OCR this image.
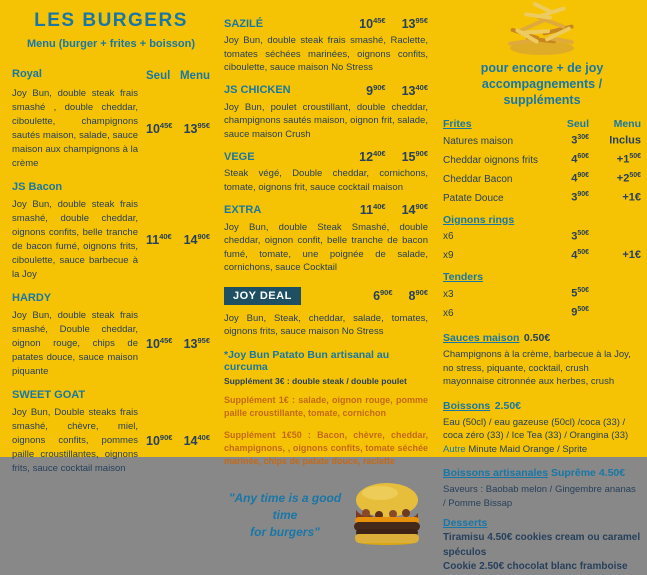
LES BURGERS
Menu (burger + frites + boisson)
Royal	Seul Menu

Joy Bun, double steak frais smashé , double cheddar, ciboulette, champignons sautés maison, salade, sauce maison aux champignons à la crème

$10^{45€}$ $13^{95€}$
JS Bacon

Joy Bun, double steak frais smashé, double cheddar, oignons confits, belle tranche de bacon fumé, oignons frits, ciboulette, sauce barbecue à la Joy

$11^{40€}$ $14^{90€}$
HARDY

Joy Bun, double steak frais smashé, Double cheddar, oignon rouge, chips de patates douce, sauce maison piquante

$10^{45€}$ $13^{95€}$
SWEET GOAT

Joy Bun, Double steaks frais smashé, chèvre, miel, oignons confits, pommes paille croustillantes, oignons frits, sauce cocktail maison

$10^{90€}$ $14^{40€}$
SAZILÉ	$10^{45€}$ $13^{95€}$

Joy Bun, double steak frais smashé, Raclette, tomates séchées marinées, oignons confits, ciboulette, sauce maison No Stress

JS CHICKEN	$9^{90€}$ $13^{40€}$

Joy Bun, poulet croustillant, double cheddar, champignons sautés maison, oignon frit, salade, sauce maison Crush

VEGE	$12^{40€}$ $15^{90€}$

Steak végé, Double cheddar, cornichons, tomate, oignons frit, sauce cocktail maison

EXTRA	$11^{40€}$ $14^{90€}$

Joy Bun, double Steak Smashé, double cheddar, oignon confit, belle tranche de bacon fumé, tomate, une poignée de salade, cornichons, sauce Cocktail

JOY DEAL	$6^{90€}$ $8^{90€}$

Joy Bun, Steak, cheddar, salade, tomates, oignons frits, sauce maison No Stress

*Joy Bun Patato Bun artisanal au curcuma
Supplément 3€ : double steak / double poulet

Supplément 1€ : salade, oignon rouge, pomme paille croustillante, tomate, cornichon

Supplément 1€50 : Bacon, chèvre, cheddar, champignons, , oignons confits, tomate séchée marinée, chips de patate douce, raclette

"Any time is a good time
for burgers"
pour encore + de joy
accompagnements / suppléments
Frites	Seul	Menu
Natures maison	$3^{30€}$	Inclus
Cheddar oignons frits	$4^{60€}$	$+1^{50€}$
Cheddar Bacon	$4^{90€}$	$+2^{50€}$
Patate Douce	$3^{90€}$	+1€
Oignons rings
x6	$3^{50€}$
x9	$4^{50€}$	+1€
Tenders
x3	$5^{50€}$
x6	$9^{50€}$
Sauces maison 0.50€

Champignons à la crème, barbecue à la Joy, no stress, piquante, cocktail, crush

mayonnaise citronnée aux herbes, crush

Boissons 2.50€

Eau (50cl) / eau gazeuse (50cl) /coca (33) / coca zéro (33) / Ice Tea (33) / Orangina (33) Autre Minute Maid Orange / Sprite

Boissons artisanales Suprême 4.50€

Saveurs : Baobab melon / Gingembre ananas / Pomme Bissap

Desserts
Tiramisu 4.50€ cookies cream ou caramel spéculos
Cookie 2.50€ chocolat blanc framboise
